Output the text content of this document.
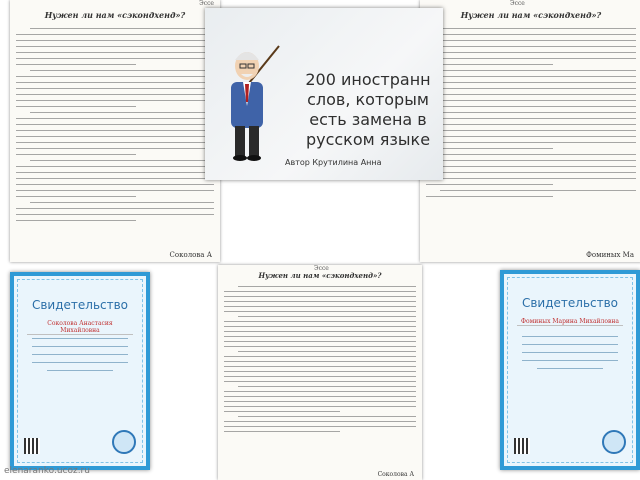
Эссе
Нужен ли нам «сэкондхенд»?
Соколова А
Эссе
Нужен ли нам «сэкондхенд»?
Фоминых Ма
200 иностранн
слов, которым
есть замена в
русском языке
Автор Крутилина Анна
Эссе
Нужен ли нам «сэкондхенд»?
Соколова А
Свидетельство
Соколова Анастасия Михайловна
Свидетельство
Фоминых Марина Михайловна
elenaranko.ucoz.ru
